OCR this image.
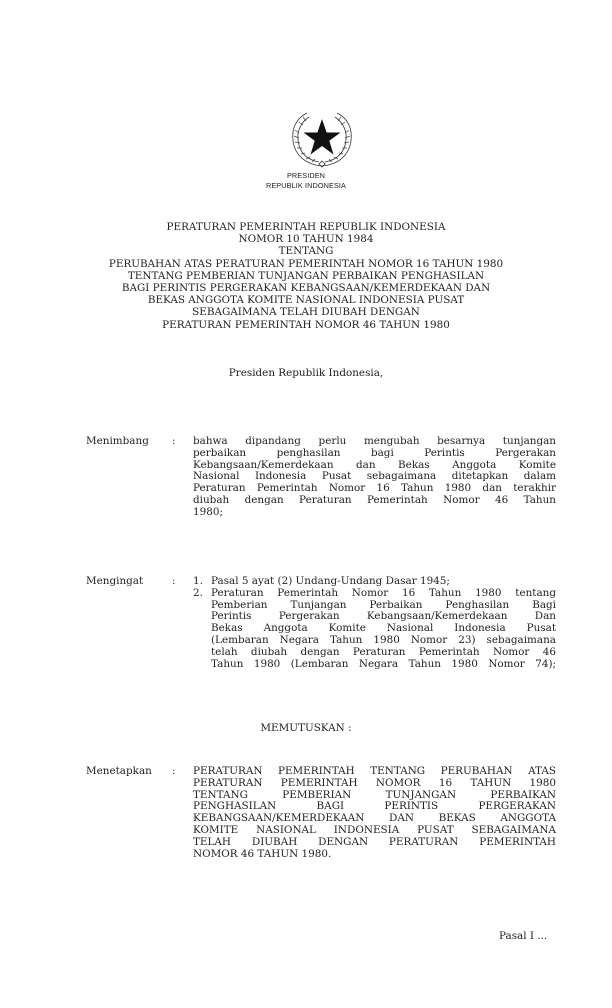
PRESIDEN
REPUBLIK INDONESIA
PERATURAN PEMERINTAH REPUBLIK INDONESIA
NOMOR 10 TAHUN 1984
TENTANG
PERUBAHAN ATAS PERATURAN PEMERINTAH NOMOR 16 TAHUN 1980
TENTANG PEMBERIAN TUNJANGAN PERBAIKAN PENGHASILAN
BAGI PERINTIS PERGERAKAN KEBANGSAAN/KEMERDEKAAN DAN
BEKAS ANGGOTA KOMITE NASIONAL INDONESIA PUSAT
SEBAGAIMANA TELAH DIUBAH DENGAN
PERATURAN PEMERINTAH NOMOR 46 TAHUN 1980
Presiden Republik Indonesia,
Menimbang : bahwa dipandang perlu mengubah besarnya tunjangan

perbaikan penghasilan bagi Perintis Pergerakan

Kebangsaan/Kemerdekaan dan Bekas Anggota Komite

Nasional Indonesia Pusat sebagaimana ditetapkan dalam

Peraturan Pemerintah Nomor 16 Tahun 1980 dan terakhir

diubah dengan Peraturan Pemerintah Nomor 46 Tahun

1980;

Mengingat	: 1. Pasal 5 ayat (2) Undang-Undang Dasar 1945;
2. Peraturan Pemerintah Nomor 16 Tahun 1980 tentang
Pemberian Tunjangan Perbaikan Penghasilan Bagi
Perintis Pergerakan Kebangsaan/Kemerdekaan Dan
Bekas Anggota Komite Nasional Indonesia Pusat
(Lembaran Negara Tahun 1980 Nomor 23) sebagaimana
telah diubah dengan Peraturan Pemerintah Nomor 46
Tahun 1980 (Lembaran Negara Tahun 1980 Nomor 74);
MEMUTUSKAN :
Menetapkan : PERATURAN PEMERINTAH TENTANG PERUBAHAN ATAS

PERATURAN PEMERINTAH NOMOR 16 TAHUN 1980

TENTANG PEMBERIAN TUNJANGAN PERBAIKAN

PENGHASILAN BAGI PERINTIS PERGERAKAN

KEBANGSAAN/KEMERDEKAAN DAN BEKAS ANGGOTA

KOMITE NASIONAL INDONESIA PUSAT SEBAGAIMANA

TELAH DIUBAH DENGAN PERATURAN PEMERINTAH

NOMOR 46 TAHUN 1980.

Pasal I ...
